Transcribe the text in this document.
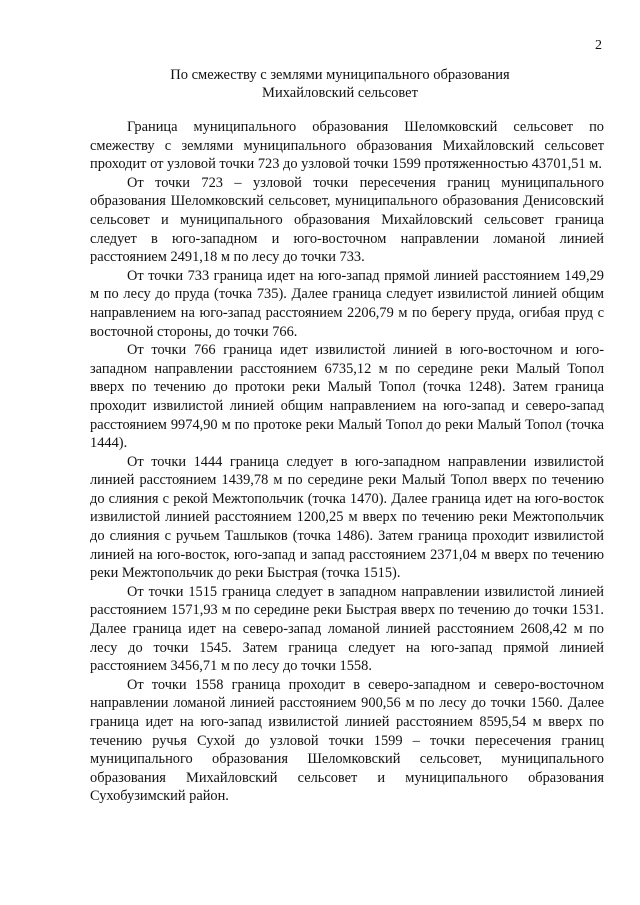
2
По смежеству с землями муниципального образования
Михайловский сельсовет

Граница муниципального образования Шеломковский сельсовет по смежеству с землями муниципального образования Михайловский сельсовет проходит от узловой точки 723 до узловой точки 1599 протяженностью 43701,51 м.

От точки 723 – узловой точки пересечения границ муниципального образования Шеломковский сельсовет, муниципального образования Денисовский сельсовет и муниципального образования Михайловский сельсовет граница следует в юго-западном и юго-восточном направлении ломаной линией расстоянием 2491,18 м по лесу до точки 733.

От точки 733 граница идет на юго-запад прямой линией расстоянием 149,29 м по лесу до пруда (точка 735). Далее граница следует извилистой линией общим направлением на юго-запад расстоянием 2206,79 м по берегу пруда, огибая пруд с восточной стороны, до точки 766.

От точки 766 граница идет извилистой линией в юго-восточном и юго-западном направлении расстоянием 6735,12 м по середине реки Малый Топол вверх по течению до протоки реки Малый Топол (точка 1248). Затем граница проходит извилистой линией общим направлением на юго-запад и северо-запад расстоянием 9974,90 м по протоке реки Малый Топол до реки Малый Топол (точка 1444).

От точки 1444 граница следует в юго-западном направлении извилистой линией расстоянием 1439,78 м по середине реки Малый Топол вверх по течению до слияния с рекой Межтопольчик (точка 1470). Далее граница идет на юго-восток извилистой линией расстоянием 1200,25 м вверх по течению реки Межтопольчик до слияния с ручьем Ташлыков (точка 1486). Затем граница проходит извилистой линией на юго-восток, юго-запад и запад расстоянием 2371,04 м вверх по течению реки Межтопольчик до реки Быстрая (точка 1515).

От точки 1515 граница следует в западном направлении извилистой линией расстоянием 1571,93 м по середине реки Быстрая вверх по течению до точки 1531. Далее граница идет на северо-запад ломаной линией расстоянием 2608,42 м по лесу до точки 1545. Затем граница следует на юго-запад прямой линией расстоянием 3456,71 м по лесу до точки 1558.

От точки 1558 граница проходит в северо-западном и северо-восточном направлении ломаной линией расстоянием 900,56 м по лесу до точки 1560. Далее граница идет на юго-запад извилистой линией расстоянием 8595,54 м вверх по течению ручья Сухой до узловой точки 1599 – точки пересечения границ муниципального образования Шеломковский сельсовет, муниципального образования Михайловский сельсовет и муниципального образования Сухобузимский район.
